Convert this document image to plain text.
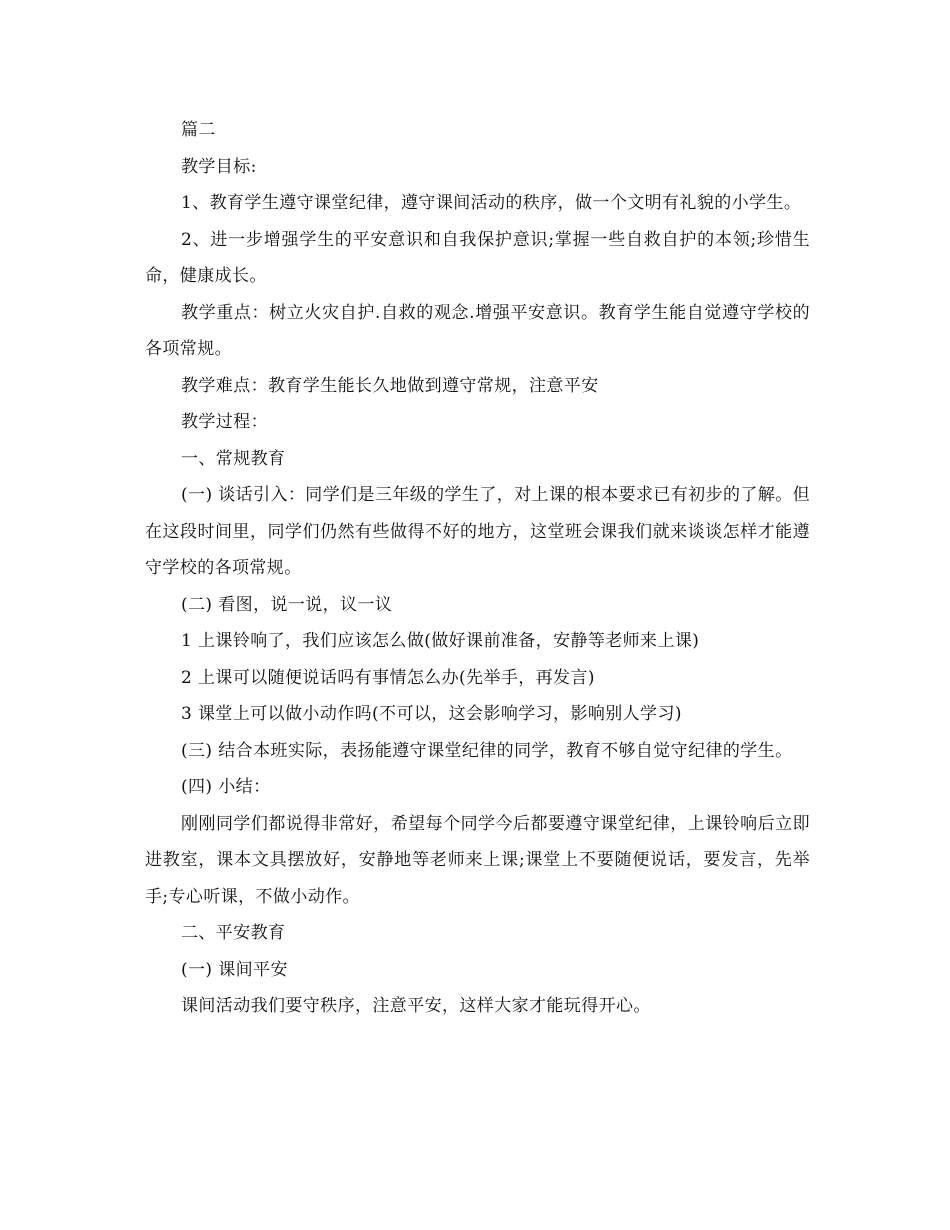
篇二

教学目标:

1、教育学生遵守课堂纪律，遵守课间活动的秩序，做一个文明有礼貌的小学生。

2、进一步增强学生的平安意识和自我保护意识;掌握一些自救自护的本领;珍惜生命，健康成长。

教学重点：树立火灾自护.自救的观念.增强平安意识。教育学生能自觉遵守学校的各项常规。

教学难点：教育学生能长久地做到遵守常规，注意平安

教学过程：

一、常规教育

(一) 谈话引入：同学们是三年级的学生了，对上课的根本要求已有初步的了解。但在这段时间里，同学们仍然有些做得不好的地方，这堂班会课我们就来谈谈怎样才能遵守学校的各项常规。

(二) 看图，说一说，议一议

1 上课铃响了，我们应该怎么做(做好课前准备，安静等老师来上课)

2 上课可以随便说话吗有事情怎么办(先举手，再发言)

3 课堂上可以做小动作吗(不可以，这会影响学习，影响别人学习)

(三) 结合本班实际，表扬能遵守课堂纪律的同学，教育不够自觉守纪律的学生。

(四) 小结：

刚刚同学们都说得非常好，希望每个同学今后都要遵守课堂纪律，上课铃响后立即进教室，课本文具摆放好，安静地等老师来上课;课堂上不要随便说话，要发言，先举手;专心听课，不做小动作。

二、平安教育

(一) 课间平安

课间活动我们要守秩序，注意平安，这样大家才能玩得开心。
